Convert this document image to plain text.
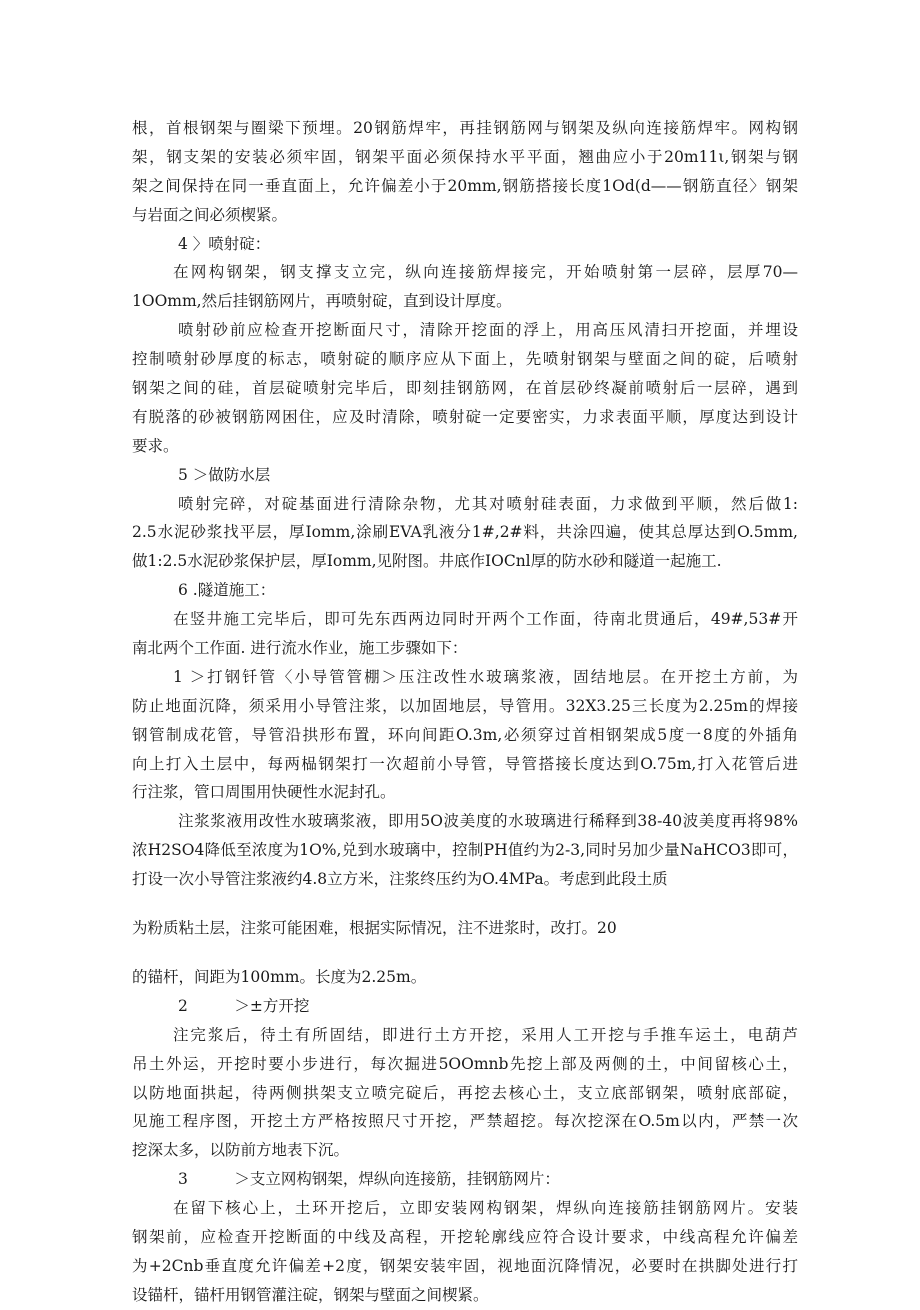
根，首根钢架与圈梁下预埋。20钢筋焊牢，再挂钢筋网与钢架及纵向连接筋焊牢。网构钢
架，钢支架的安装必须牢固，钢架平面必须保持水平平面，翘曲应小于20m11ι,钢架与钢
架之间保持在同一垂直面上，允许偏差小于20mm,钢筋搭接长度1Od(d——钢筋直径〉钢架
与岩面之间必须楔紧。
4 〉喷射碇：
在网构钢架，钢支撑支立完，纵向连接筋焊接完，开始喷射第一层碎，层厚70—
1OOmm,然后挂钢筋网片，再喷射碇，直到设计厚度。
喷射砂前应检查开挖断面尺寸，清除开挖面的浮上，用高压风清扫开挖面，并埋设
控制喷射砂厚度的标志，喷射碇的顺序应从下面上，先喷射钢架与壁面之间的碇，后喷射
钢架之间的硅，首层碇喷射完毕后，即刻挂钢筋网，在首层砂终凝前喷射后一层碎，遇到
有脱落的砂被钢筋网困住，应及时清除，喷射碇一定要密实，力求表面平顺，厚度达到设计
要求。
5 ＞做防水层
喷射完碎，对碇基面进行清除杂物，尤其对喷射硅表面，力求做到平顺，然后做1:
2.5水泥砂浆找平层，厚Iomm,涂刷EVA乳液分1#,2#料，共涂四遍，使其总厚达到O.5mm,
做1:2.5水泥砂浆保护层，厚Iomm,见附图。井底作IOCnl厚的防水砂和隧道一起施工.
6 .隧道施工：
在竖井施工完毕后，即可先东西两边同时开两个工作面，待南北贯通后，49#,53#开
南北两个工作面. 进行流水作业，施工步骤如下：
1 ＞打钢钎管〈小导管管棚＞压注改性水玻璃浆液，固结地层。在开挖土方前，为
防止地面沉降，须采用小导管注浆，以加固地层，导管用。32X3.25三长度为2.25m的焊接
钢管制成花管，导管沿拱形布置，环向间距O.3m,必须穿过首相钢架成5度一8度的外插角
向上打入土层中，每两榀钢架打一次超前小导管，导管搭接长度达到O.75m,打入花管后进
行注浆，管口周围用快硬性水泥封孔。
注浆浆液用改性水玻璃浆液，即用5O波美度的水玻璃进行稀释到38-40波美度再将98%
浓H2SO4降低至浓度为1O%,兑到水玻璃中，控制PH值约为2-3,同时另加少量NaHCO3即可，
打设一次小导管注浆液约4.8立方米，注浆终压约为O.4MPa。考虑到此段土质
为粉质粘土层，注浆可能困难，根据实际情况，注不进浆时，改打。20
的锚杆，间距为100mm。长度为2.25m。
2　　　＞±方开挖
注完浆后，待土有所固结，即进行土方开挖，采用人工开挖与手推车运土，电葫芦
吊土外运，开挖时要小步进行，每次掘进5OOmnb先挖上部及两侧的土，中间留核心土，
以防地面拱起，待两侧拱架支立喷完碇后，再挖去核心土，支立底部钢架，喷射底部碇，
见施工程序图，开挖土方严格按照尺寸开挖，严禁超挖。每次挖深在O.5m以内，严禁一次
挖深太多，以防前方地表下沉。
3　　　＞支立网构钢架，焊纵向连接筋，挂钢筋网片：
在留下核心上，土环开挖后，立即安装网构钢架，焊纵向连接筋挂钢筋网片。安装
钢架前，应检查开挖断面的中线及高程，开挖轮廓线应符合设计要求，中线高程允许偏差
为+2Cnb垂直度允许偏差+2度，钢架安装牢固，视地面沉降情况，必要时在拱脚处进行打
设锚杆，锚杆用钢管灌注碇，钢架与壁面之间楔紧。
